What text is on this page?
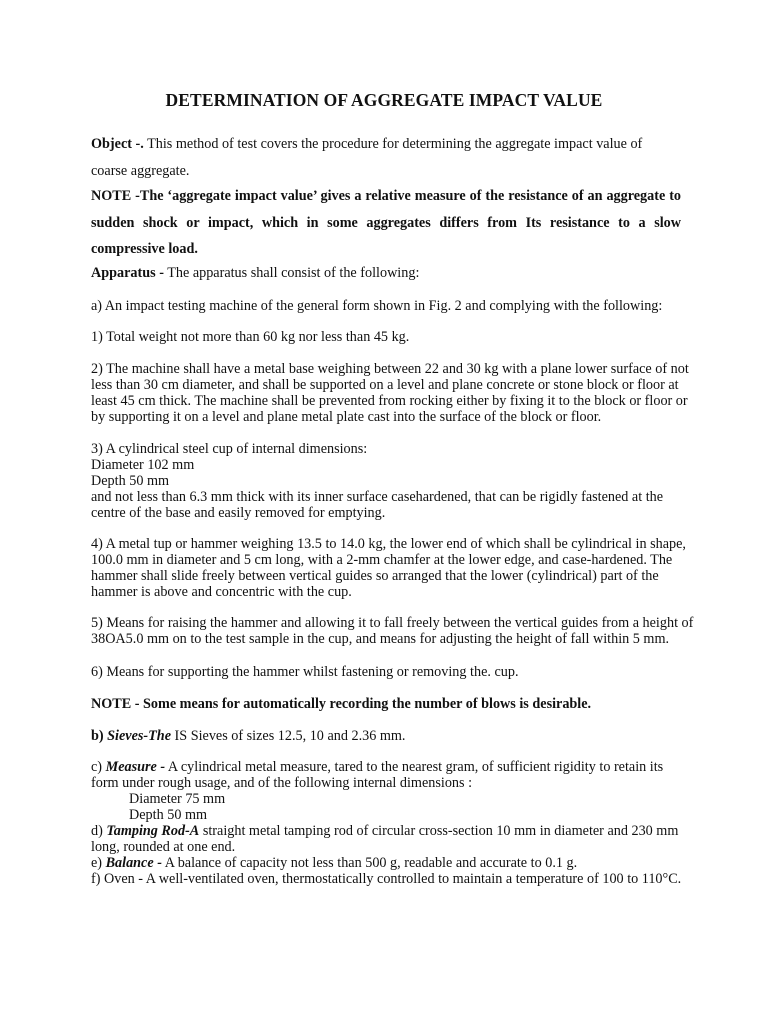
DETERMINATION OF AGGREGATE IMPACT VALUE
Object -. This method of test covers the procedure for determining the aggregate impact value of
coarse aggregate.
NOTE -The ‘aggregate impact value’ gives a relative measure of the resistance of an aggregate to sudden shock or impact, which in some aggregates differs from Its resistance to a slow compressive load.
Apparatus - The apparatus shall consist of the following:
a) An impact testing machine of the general form shown in Fig. 2 and complying with the following:
1) Total weight not more than 60 kg nor less than 45 kg.
2) The machine shall have a metal base weighing between 22 and 30 kg with a plane lower surface of not
less than 30 cm diameter, and shall be supported on a level and plane concrete or stone block or floor at
least 45 cm thick. The machine shall be prevented from rocking either by fixing it to the block or floor or
by supporting it on a level and plane metal plate cast into the surface of the block or floor.
3) A cylindrical steel cup of internal dimensions:
Diameter 102 mm
Depth 50 mm
and not less than 6.3 mm thick with its inner surface casehardened, that can be rigidly fastened at the
centre of the base and easily removed for emptying.
4) A metal tup or hammer weighing 13.5 to 14.0 kg, the lower end of which shall be cylindrical in shape,
100.0 mm in diameter and 5 cm long, with a 2-mm chamfer at the lower edge, and case-hardened. The
hammer shall slide freely between vertical guides so arranged that the lower (cylindrical) part of the
hammer is above and concentric with the cup.
5) Means for raising the hammer and allowing it to fall freely between the vertical guides from a height of
38OA5.0 mm on to the test sample in the cup, and means for adjusting the height of fall within 5 mm.
6) Means for supporting the hammer whilst fastening or removing the. cup.
NOTE - Some means for automatically recording the number of blows is desirable.
b) Sieves-The IS Sieves of sizes 12.5, 10 and 2.36 mm.
c) Measure - A cylindrical metal measure, tared to the nearest gram, of sufficient rigidity to retain its
form under rough usage, and of the following internal dimensions :
Diameter 75 mm
Depth 50 mm
d) Tamping Rod-A straight metal tamping rod of circular cross-section 10 mm in diameter and 230 mm
long, rounded at one end.
e) Balance - A balance of capacity not less than 500 g, readable and accurate to 0.1 g.
f) Oven - A well-ventilated oven, thermostatically controlled to maintain a temperature of 100 to 110°C.
